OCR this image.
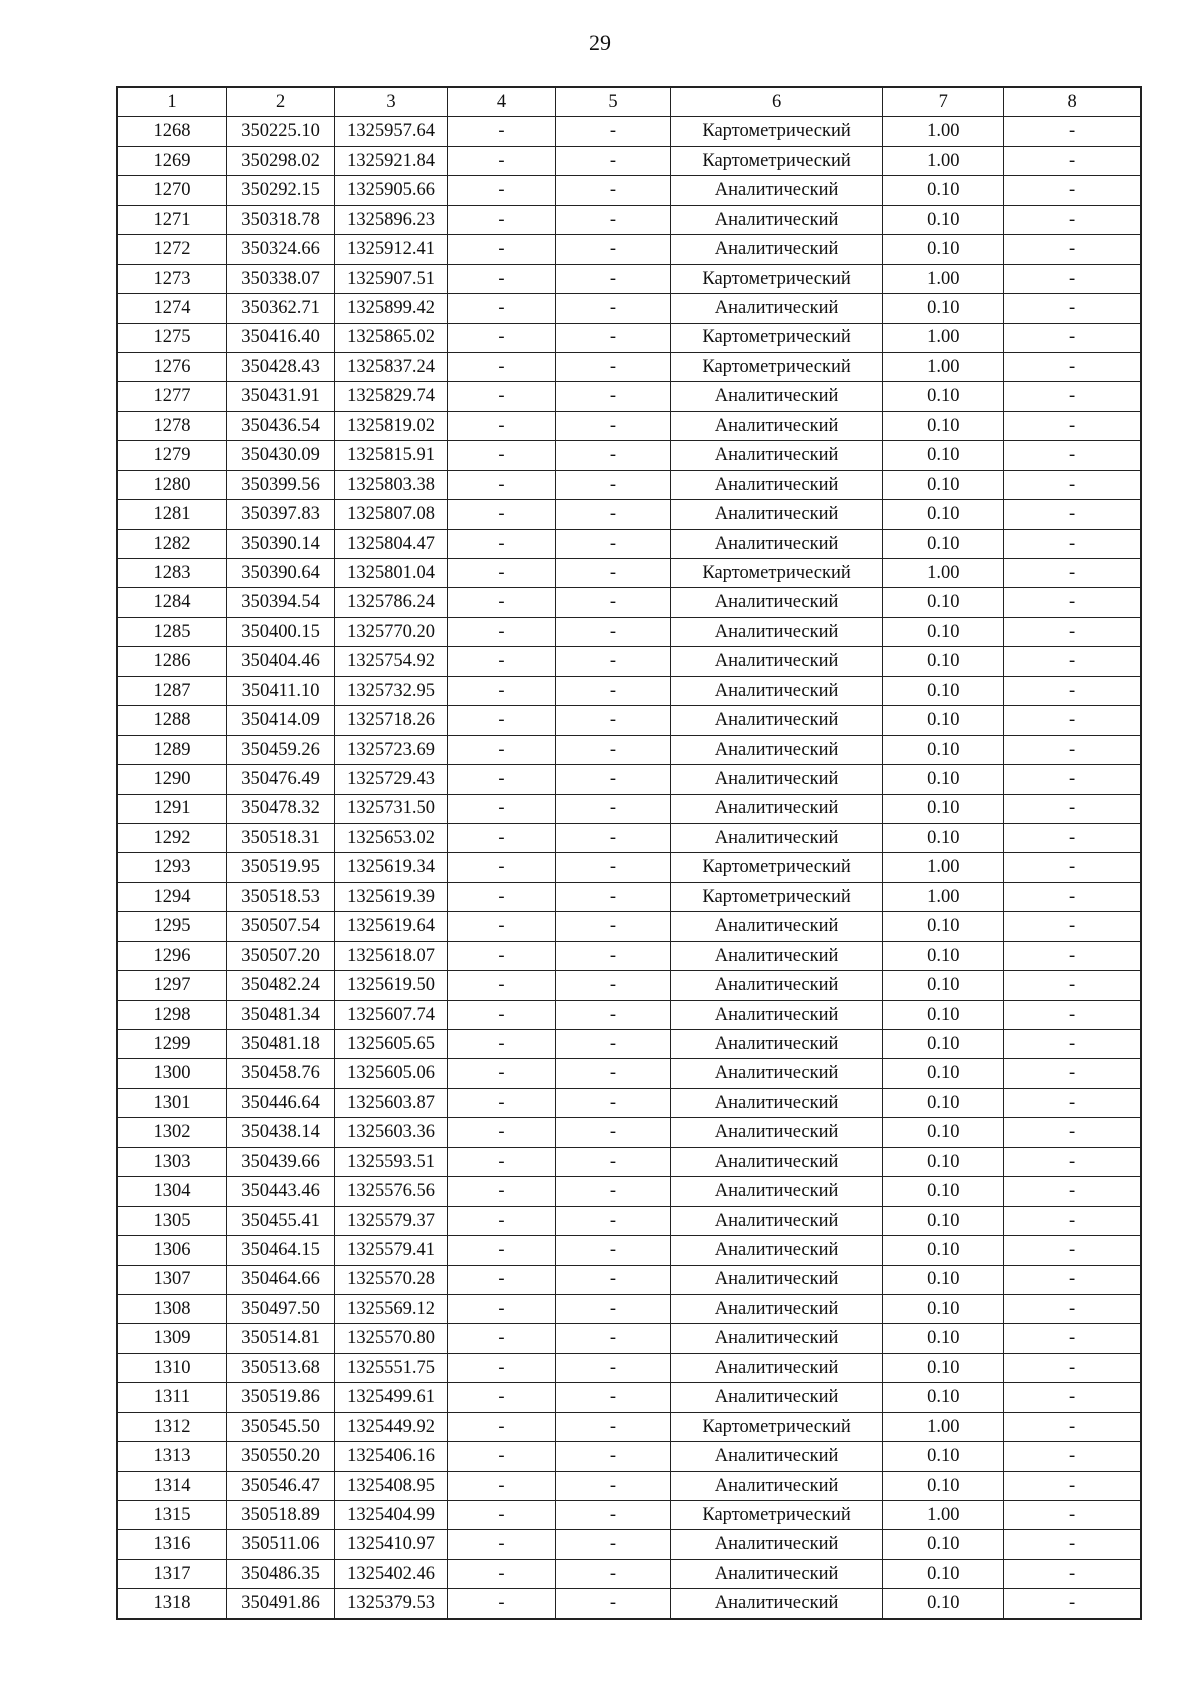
29
1	2	3	4	5	6	7	8
1268	350225.10	1325957.64	-	-	Картометрический	1.00	-
1269	350298.02	1325921.84	-	-	Картометрический	1.00	-
1270	350292.15	1325905.66	-	-	Аналитический	0.10	-
1271	350318.78	1325896.23	-	-	Аналитический	0.10	-
1272	350324.66	1325912.41	-	-	Аналитический	0.10	-
1273	350338.07	1325907.51	-	-	Картометрический	1.00	-
1274	350362.71	1325899.42	-	-	Аналитический	0.10	-
1275	350416.40	1325865.02	-	-	Картометрический	1.00	-
1276	350428.43	1325837.24	-	-	Картометрический	1.00	-
1277	350431.91	1325829.74	-	-	Аналитический	0.10	-
1278	350436.54	1325819.02	-	-	Аналитический	0.10	-
1279	350430.09	1325815.91	-	-	Аналитический	0.10	-
1280	350399.56	1325803.38	-	-	Аналитический	0.10	-
1281	350397.83	1325807.08	-	-	Аналитический	0.10	-
1282	350390.14	1325804.47	-	-	Аналитический	0.10	-
1283	350390.64	1325801.04	-	-	Картометрический	1.00	-
1284	350394.54	1325786.24	-	-	Аналитический	0.10	-
1285	350400.15	1325770.20	-	-	Аналитический	0.10	-
1286	350404.46	1325754.92	-	-	Аналитический	0.10	-
1287	350411.10	1325732.95	-	-	Аналитический	0.10	-
1288	350414.09	1325718.26	-	-	Аналитический	0.10	-
1289	350459.26	1325723.69	-	-	Аналитический	0.10	-
1290	350476.49	1325729.43	-	-	Аналитический	0.10	-
1291	350478.32	1325731.50	-	-	Аналитический	0.10	-
1292	350518.31	1325653.02	-	-	Аналитический	0.10	-
1293	350519.95	1325619.34	-	-	Картометрический	1.00	-
1294	350518.53	1325619.39	-	-	Картометрический	1.00	-
1295	350507.54	1325619.64	-	-	Аналитический	0.10	-
1296	350507.20	1325618.07	-	-	Аналитический	0.10	-
1297	350482.24	1325619.50	-	-	Аналитический	0.10	-
1298	350481.34	1325607.74	-	-	Аналитический	0.10	-
1299	350481.18	1325605.65	-	-	Аналитический	0.10	-
1300	350458.76	1325605.06	-	-	Аналитический	0.10	-
1301	350446.64	1325603.87	-	-	Аналитический	0.10	-
1302	350438.14	1325603.36	-	-	Аналитический	0.10	-
1303	350439.66	1325593.51	-	-	Аналитический	0.10	-
1304	350443.46	1325576.56	-	-	Аналитический	0.10	-
1305	350455.41	1325579.37	-	-	Аналитический	0.10	-
1306	350464.15	1325579.41	-	-	Аналитический	0.10	-
1307	350464.66	1325570.28	-	-	Аналитический	0.10	-
1308	350497.50	1325569.12	-	-	Аналитический	0.10	-
1309	350514.81	1325570.80	-	-	Аналитический	0.10	-
1310	350513.68	1325551.75	-	-	Аналитический	0.10	-
1311	350519.86	1325499.61	-	-	Аналитический	0.10	-
1312	350545.50	1325449.92	-	-	Картометрический	1.00	-
1313	350550.20	1325406.16	-	-	Аналитический	0.10	-
1314	350546.47	1325408.95	-	-	Аналитический	0.10	-
1315	350518.89	1325404.99	-	-	Картометрический	1.00	-
1316	350511.06	1325410.97	-	-	Аналитический	0.10	-
1317	350486.35	1325402.46	-	-	Аналитический	0.10	-
1318	350491.86	1325379.53	-	-	Аналитический	0.10	-
